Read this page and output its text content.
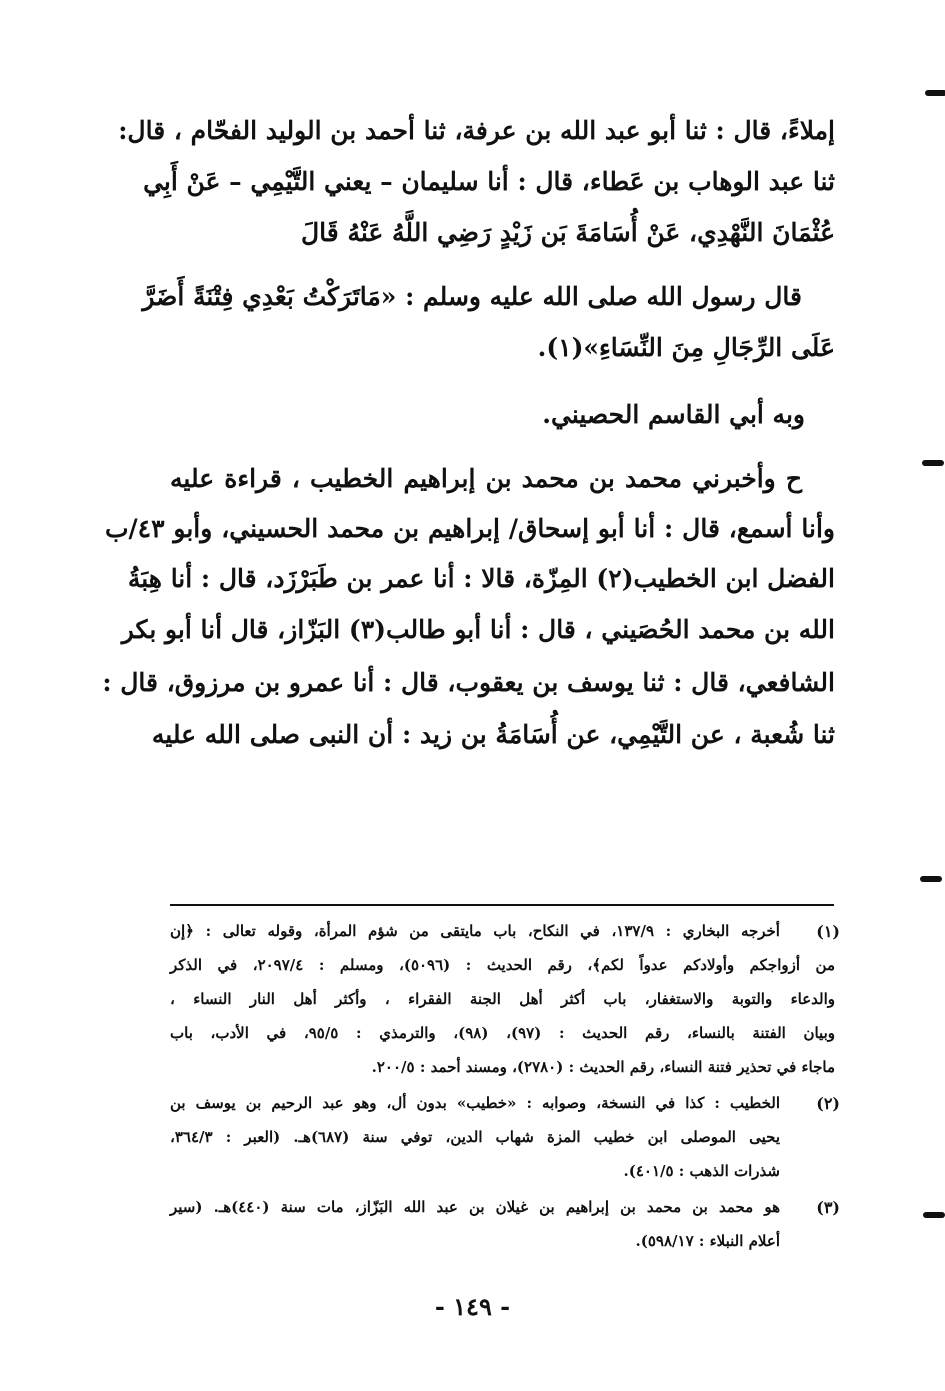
إملاءً، قال : ثنا أبو عبد الله بن عرفة، ثنا أحمد بن الوليد الفحّام ، قال:
ثنا عبد الوهاب بن عَطاء، قال : أنا سليمان – يعني التَّيْمِي – عَنْ أَبِي
عُثْمَانَ النَّهْدِي، عَنْ أُسَامَةَ بَن زَيْدٍ رَضِي اللَّهُ عَنْهُ قَالَ
قال رسول الله صلى الله عليه وسلم : «مَاتَرَكْتُ بَعْدِي فِتْنَةً أَضَرَّ
عَلَى الرِّجَالِ مِنَ النِّسَاءِ»(١).
وبه أبي القاسم الحصيني.
ح وأخبرني محمد بن محمد بن إبراهيم الخطيب ، قراءة عليه
وأنا أسمع، قال : أنا أبو إسحاق/ إبراهيم بن محمد الحسيني، وأبو ٤٣/ب
الفضل ابن الخطيب(٢) المِزّة، قالا : أنا عمر بن طَبَرْزَد، قال : أنا هِبَةُ
الله بن محمد الحُصَيني ، قال : أنا أبو طالب(٣) البَزّاز، قال أنا أبو بكر
الشافعي، قال : ثنا يوسف بن يعقوب، قال : أنا عمرو بن مرزوق، قال :
ثنا شُعبة ، عن التَّيْمِي، عن أُسَامَةُ بن زيد : أن النبى صلى الله عليه
(١)
أخرجه البخاري : ١٣٧/٩، في النكاح، باب مايتقى من شؤم المرأة، وقوله تعالى : ﴿إن
من أزواجكم وأولادكم عدواً لكم﴾، رقم الحديث : (٥٠٩٦)، ومسلم : ٢٠٩٧/٤، في الذكر
والدعاء والتوبة والاستغفار، باب أكثر أهل الجنة الفقراء ، وأكثر أهل النار النساء ،
وبيان الفتنة بالنساء، رقم الحديث : (٩٧)، (٩٨)، والترمذي : ٩٥/٥، في الأدب، باب
ماجاء في تحذير فتنة النساء، رقم الحديث : (٢٧٨٠)، ومسند أحمد : ٢٠٠/٥.
(٢)
الخطيب : كذا في النسخة، وصوابه : «خطيب» بدون أل، وهو عبد الرحيم بن يوسف بن
يحيى الموصلى ابن خطيب المزة شهاب الدين، توفي سنة (٦٨٧)هـ. (العبر : ٣٦٤/٣،
شذرات الذهب : ٤٠١/٥).
(٣)
هو محمد بن محمد بن إبراهيم بن غيلان بن عبد الله البَزّاز، مات سنة (٤٤٠)هـ. (سير
أعلام النبلاء : ٥٩٨/١٧).
- ١٤٩ -
